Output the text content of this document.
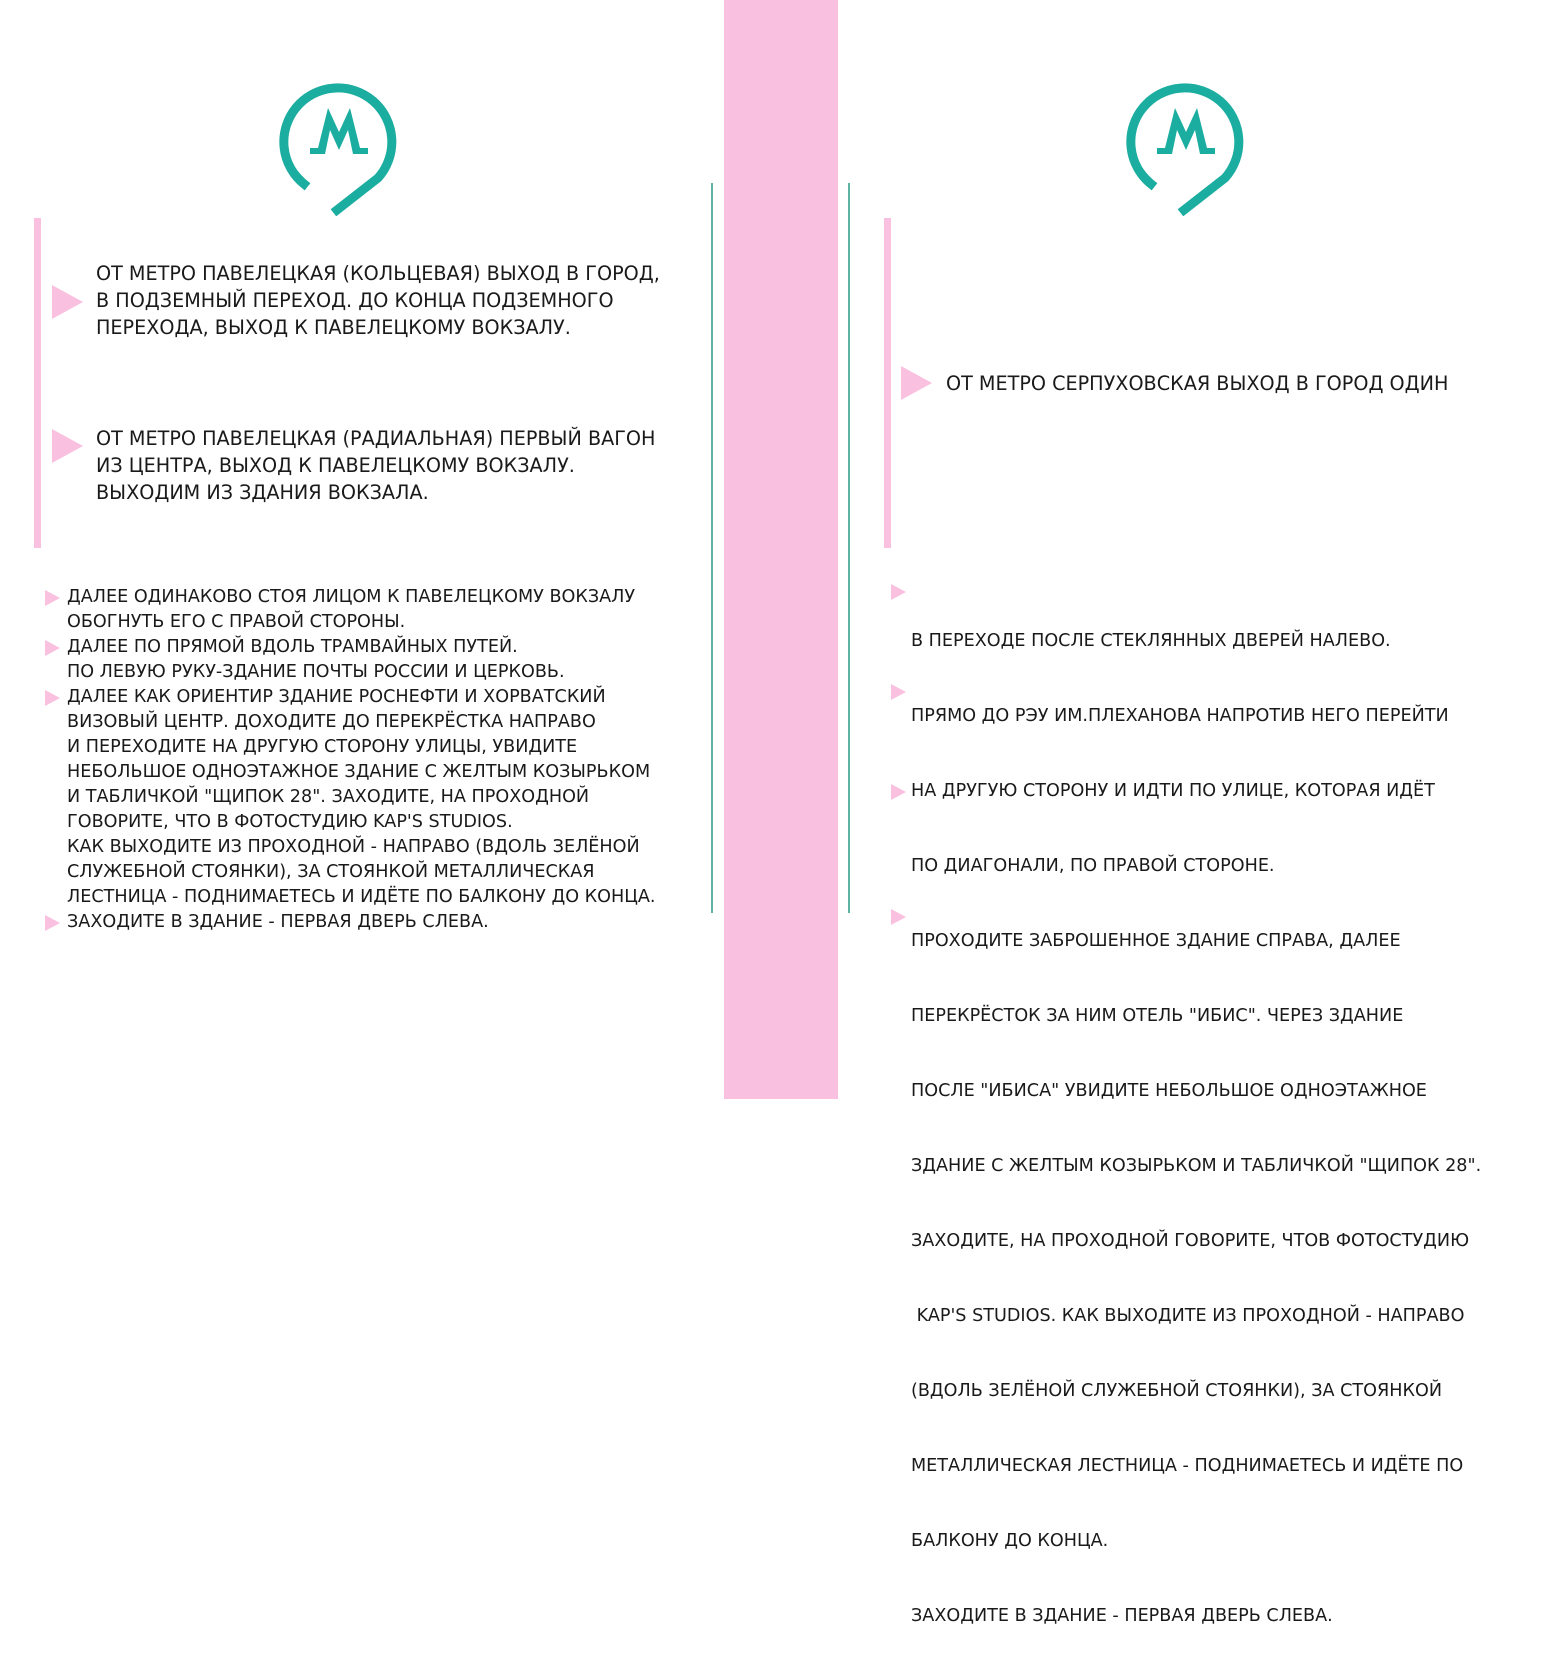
ОТ МЕТРО ПАВЕЛЕЦКАЯ (КОЛЬЦЕВАЯ) ВЫХОД В ГОРОД,
В ПОДЗЕМНЫЙ ПЕРЕХОД. ДО КОНЦА ПОДЗЕМНОГО
ПЕРЕХОДА, ВЫХОД К ПАВЕЛЕЦКОМУ ВОКЗАЛУ.
ОТ МЕТРО ПАВЕЛЕЦКАЯ (РАДИАЛЬНАЯ) ПЕРВЫЙ ВАГОН
ИЗ ЦЕНТРА, ВЫХОД К ПАВЕЛЕЦКОМУ ВОКЗАЛУ.
ВЫХОДИМ ИЗ ЗДАНИЯ ВОКЗАЛА.
ДАЛЕЕ ОДИНАКОВО СТОЯ ЛИЦОМ К ПАВЕЛЕЦКОМУ ВОКЗАЛУ
ОБОГНУТЬ ЕГО С ПРАВОЙ СТОРОНЫ.
ДАЛЕЕ ПО ПРЯМОЙ ВДОЛЬ ТРАМВАЙНЫХ ПУТЕЙ.
ПО ЛЕВУЮ РУКУ-ЗДАНИЕ ПОЧТЫ РОССИИ И ЦЕРКОВЬ.
ДАЛЕЕ КАК ОРИЕНТИР ЗДАНИЕ РОСНЕФТИ И ХОРВАТСКИЙ
ВИЗОВЫЙ ЦЕНТР. ДОХОДИТЕ ДО ПЕРЕКРЁСТКА НАПРАВО
И ПЕРЕХОДИТЕ НА ДРУГУЮ СТОРОНУ УЛИЦЫ, УВИДИТЕ
НЕБОЛЬШОЕ ОДНОЭТАЖНОЕ ЗДАНИЕ С ЖЕЛТЫМ КОЗЫРЬКОМ
И ТАБЛИЧКОЙ "ЩИПОК 28". ЗАХОДИТЕ, НА ПРОХОДНОЙ
ГОВОРИТЕ, ЧТО В ФОТОСТУДИЮ KAP'S STUDIOS.
КАК ВЫХОДИТЕ ИЗ ПРОХОДНОЙ - НАПРАВО (ВДОЛЬ ЗЕЛЁНОЙ
СЛУЖЕБНОЙ СТОЯНКИ), ЗА СТОЯНКОЙ МЕТАЛЛИЧЕСКАЯ
ЛЕСТНИЦА - ПОДНИМАЕТЕСЬ И ИДЁТЕ ПО БАЛКОНУ ДО КОНЦА.
ЗАХОДИТЕ В ЗДАНИЕ - ПЕРВАЯ ДВЕРЬ СЛЕВА.
ОТ МЕТРО СЕРПУХОВСКАЯ ВЫХОД В ГОРОД ОДИН

В ПЕРЕХОДЕ ПОСЛЕ СТЕКЛЯННЫХ ДВЕРЕЙ НАЛЕВО.

ПРЯМО ДО РЭУ ИМ.ПЛЕХАНОВА НАПРОТИВ НЕГО ПЕРЕЙТИ

НА ДРУГУЮ СТОРОНУ И ИДТИ ПО УЛИЦЕ, КОТОРАЯ ИДЁТ

ПО ДИАГОНАЛИ, ПО ПРАВОЙ СТОРОНЕ.

ПРОХОДИТЕ ЗАБРОШЕННОЕ ЗДАНИЕ СПРАВА, ДАЛЕЕ

ПЕРЕКРЁСТОК ЗА НИМ ОТЕЛЬ "ИБИС". ЧЕРЕЗ ЗДАНИЕ

ПОСЛЕ "ИБИСА" УВИДИТЕ НЕБОЛЬШОЕ ОДНОЭТАЖНОЕ

ЗДАНИЕ С ЖЕЛТЫМ КОЗЫРЬКОМ И ТАБЛИЧКОЙ "ЩИПОК 28".

ЗАХОДИТЕ, НА ПРОХОДНОЙ ГОВОРИТЕ, ЧТОВ ФОТОСТУДИЮ

KAP'S STUDIOS. КАК ВЫХОДИТЕ ИЗ ПРОХОДНОЙ - НАПРАВО

(ВДОЛЬ ЗЕЛЁНОЙ СЛУЖЕБНОЙ СТОЯНКИ), ЗА СТОЯНКОЙ

МЕТАЛЛИЧЕСКАЯ ЛЕСТНИЦА - ПОДНИМАЕТЕСЬ И ИДЁТЕ ПО

БАЛКОНУ ДО КОНЦА.

ЗАХОДИТЕ В ЗДАНИЕ - ПЕРВАЯ ДВЕРЬ СЛЕВА.
